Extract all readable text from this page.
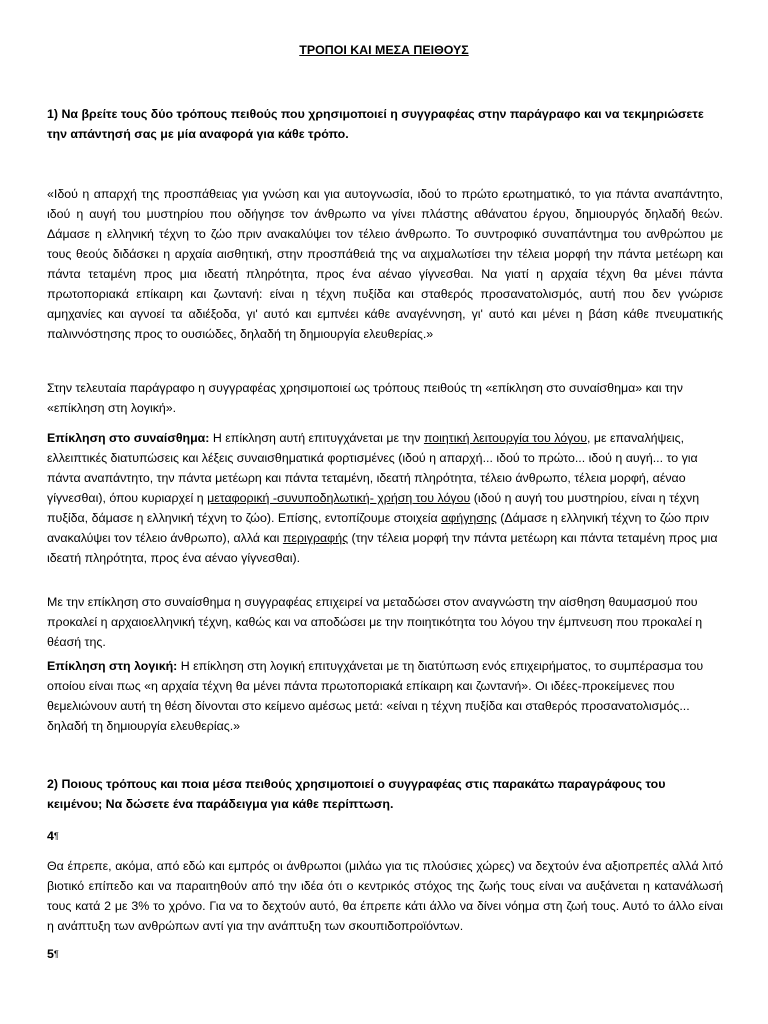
ΤΡΟΠΟΙ ΚΑΙ ΜΕΣΑ ΠΕΙΘΟΥΣ

1) Να βρείτε τους δύο τρόπους πειθούς που χρησιμοποιεί η συγγραφέας στην παράγραφο και να τεκμηριώσετε την απάντησή σας με μία αναφορά για κάθε τρόπο.

«Ιδού η απαρχή της προσπάθειας για γνώση και για αυτογνωσία, ιδού το πρώτο ερωτηματικό, το για πάντα αναπάντητο, ιδού η αυγή του μυστηρίου που οδήγησε τον άνθρωπο να γίνει πλάστης αθάνατου έργου, δημιουργός δηλαδή θεών. Δάμασε η ελληνική τέχνη το ζώο πριν ανακαλύψει τον τέλειο άνθρωπο. Το συντροφικό συναπάντημα του ανθρώπου με τους θεούς διδάσκει η αρχαία αισθητική, στην προσπάθειά της να αιχμαλωτίσει την τέλεια μορφή την πάντα μετέωρη και πάντα τεταμένη προς μια ιδεατή πληρότητα, προς ένα αέναο γίγνεσθαι. Να γιατί η αρχαία τέχνη θα μένει πάντα πρωτοποριακά επίκαιρη και ζωντανή: είναι η τέχνη πυξίδα και σταθερός προσανατολισμός, αυτή που δεν γνώρισε αμηχανίες και αγνοεί τα αδιέξοδα, γι' αυτό και εμπνέει κάθε αναγέννηση, γι' αυτό και μένει η βάση κάθε πνευματικής παλιννόστησης προς το ουσιώδες, δηλαδή τη δημιουργία ελευθερίας.»

Στην τελευταία παράγραφο η συγγραφέας χρησιμοποιεί ως τρόπους πειθούς τη «επίκληση στο συναίσθημα» και την «επίκληση στη λογική».

Επίκληση στο συναίσθημα: Η επίκληση αυτή επιτυγχάνεται με την ποιητική λειτουργία του λόγου, με επαναλήψεις, ελλειπτικές διατυπώσεις και λέξεις συναισθηματικά φορτισμένες (ιδού η απαρχή... ιδού το πρώτο... ιδού η αυγή... το για πάντα αναπάντητο, την πάντα μετέωρη και πάντα τεταμένη, ιδεατή πληρότητα, τέλειο άνθρωπο, τέλεια μορφή, αέναο γίγνεσθαι), όπου κυριαρχεί η μεταφορική -συνυποδηλωτική- χρήση του λόγου (ιδού η αυγή του μυστηρίου, είναι η τέχνη πυξίδα, δάμασε η ελληνική τέχνη το ζώο). Επίσης, εντοπίζουμε στοιχεία αφήγησης (Δάμασε η ελληνική τέχνη το ζώο πριν ανακαλύψει τον τέλειο άνθρωπο), αλλά και περιγραφής (την τέλεια μορφή την πάντα μετέωρη και πάντα τεταμένη προς μια ιδεατή πληρότητα, προς ένα αέναο γίγνεσθαι).

Με την επίκληση στο συναίσθημα η συγγραφέας επιχειρεί να μεταδώσει στον αναγνώστη την αίσθηση θαυμασμού που προκαλεί η αρχαιοελληνική τέχνη, καθώς και να αποδώσει με την ποιητικότητα του λόγου την έμπνευση που προκαλεί η θέασή της.

Επίκληση στη λογική: Η επίκληση στη λογική επιτυγχάνεται με τη διατύπωση ενός επιχειρήματος, το συμπέρασμα του οποίου είναι πως «η αρχαία τέχνη θα μένει πάντα πρωτοποριακά επίκαιρη και ζωντανή». Οι ιδέες-προκείμενες που θεμελιώνουν αυτή τη θέση δίνονται στο κείμενο αμέσως μετά: «είναι η τέχνη πυξίδα και σταθερός προσανατολισμός... δηλαδή τη δημιουργία ελευθερίας.»

2) Ποιους τρόπους και ποια μέσα πειθούς χρησιμοποιεί ο συγγραφέας στις παρακάτω παραγράφους του κειμένου; Να δώσετε ένα παράδειγμα για κάθε περίπτωση.

4¶

Θα έπρεπε, ακόμα, από εδώ και εμπρός οι άνθρωποι (μιλάω για τις πλούσιες χώρες) να δεχτούν ένα αξιοπρεπές αλλά λιτό βιοτικό επίπεδο και να παραιτηθούν από την ιδέα ότι ο κεντρικός στόχος της ζωής τους είναι να αυξάνεται η κατανάλωσή τους κατά 2 με 3% το χρόνο. Για να το δεχτούν αυτό, θα έπρεπε κάτι άλλο να δίνει νόημα στη ζωή τους. Αυτό το άλλο είναι η ανάπτυξη των ανθρώπων αντί για την ανάπτυξη των σκουπιδοπροϊόντων.

5¶
